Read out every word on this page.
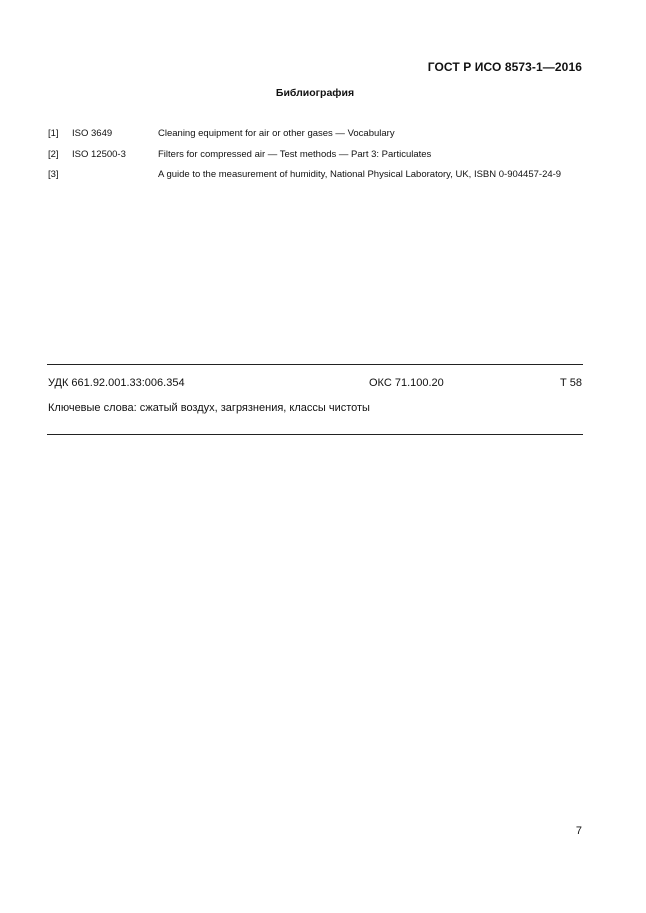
ГОСТ Р ИСО 8573-1—2016
Библиография
[1] ISO 3649	Cleaning equipment for air or other gases — Vocabulary
[2] ISO 12500-3	Filters for compressed air — Test methods — Part 3: Particulates
[3]	A guide to the measurement of humidity, National Physical Laboratory, UK, ISBN 0-904457-24-9
УДК 661.92.001.33:006.354	ОКС 71.100.20	Т 58
Ключевые слова: сжатый воздух, загрязнения, классы чистоты
7
